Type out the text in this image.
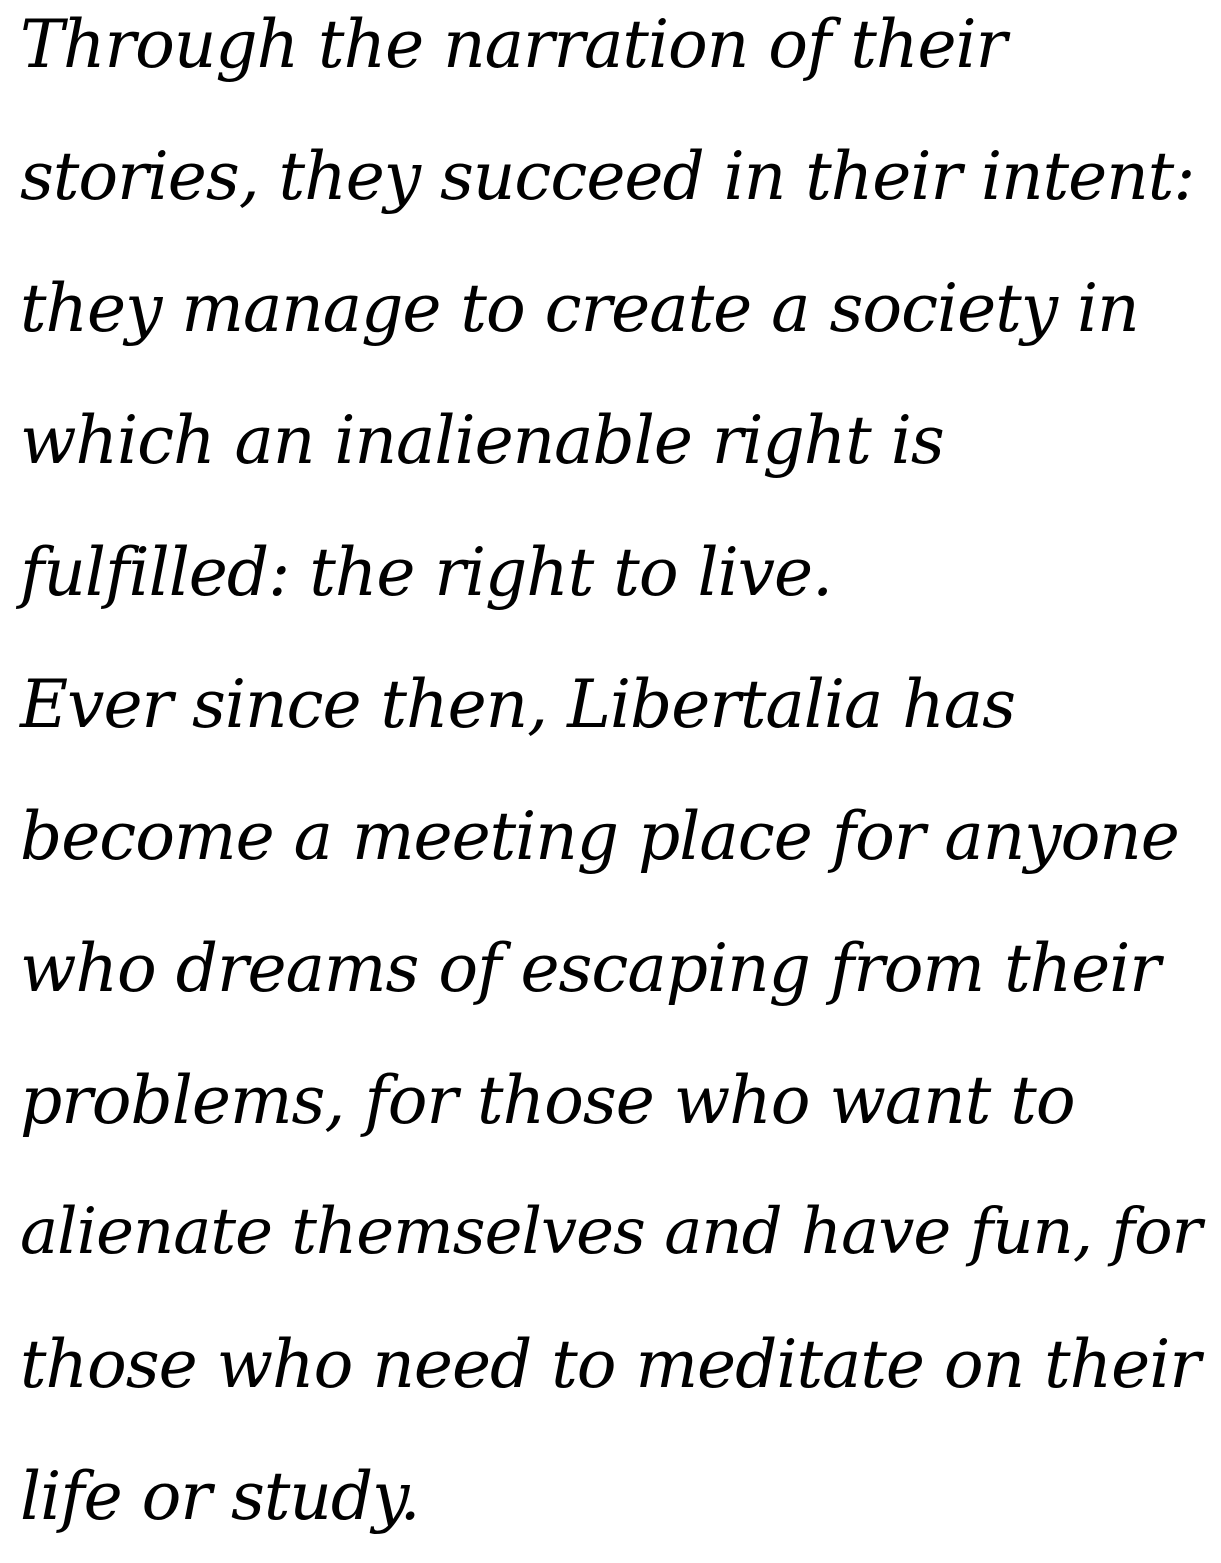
Through the narration of their
stories, they succeed in their intent:
they manage to create a society in
which an inalienable right is
fulfilled: the right to live.
Ever since then, Libertalia has
become a meeting place for anyone
who dreams of escaping from their
problems, for those who want to
alienate themselves and have fun, for
those who need to meditate on their
life or study.
